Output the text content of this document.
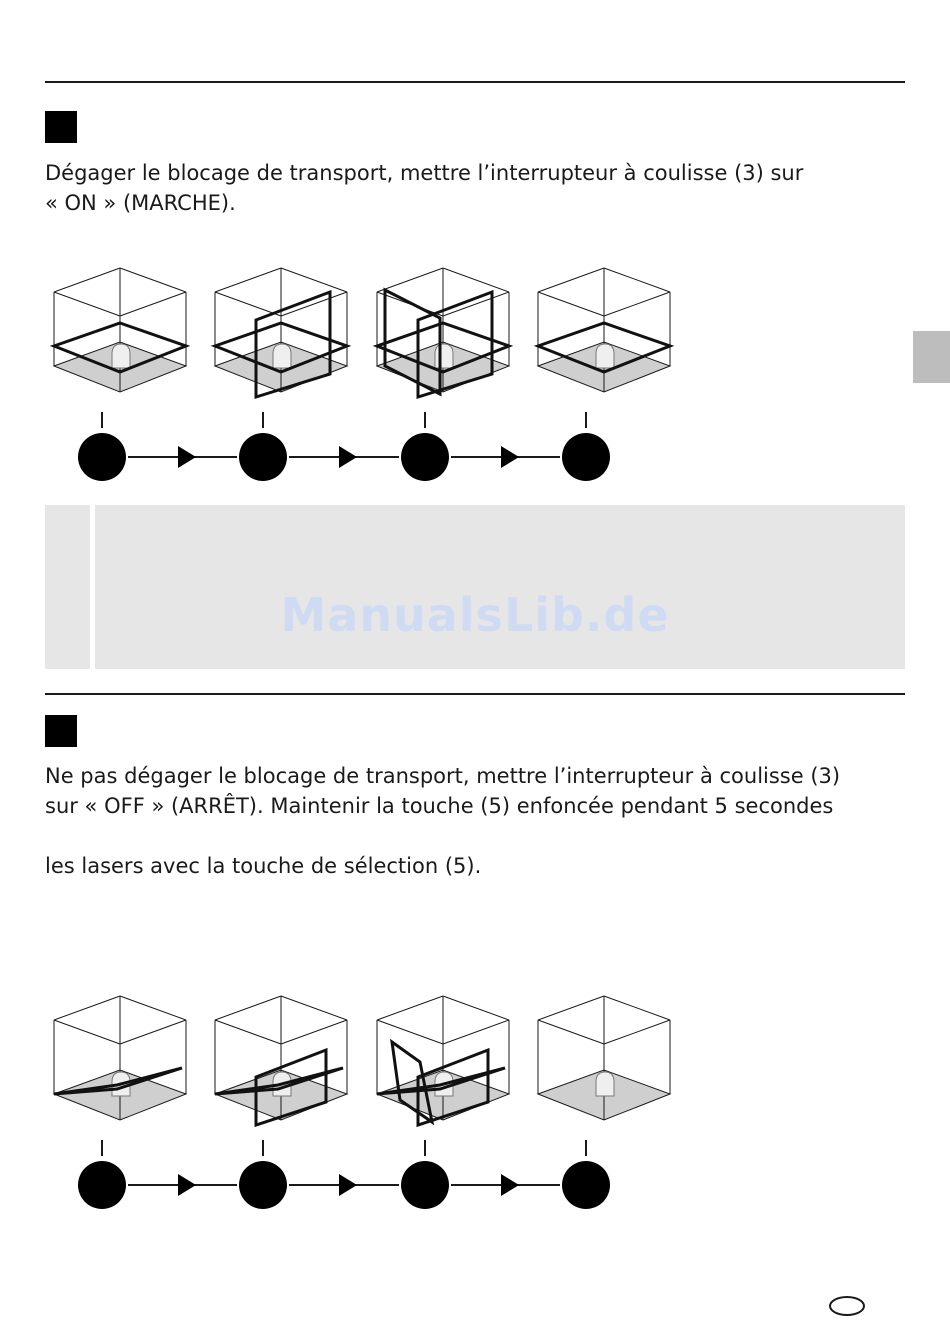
Dégager le blocage de transport, mettre l’interrupteur à coulisse (3) sur
« ON » (MARCHE).

ManualsLib.de

Ne pas dégager le blocage de transport, mettre l’interrupteur à coulisse (3)
sur « OFF » (ARRÊT). Maintenir la touche (5) enfoncée pendant 5 secondes

les lasers avec la touche de sélection (5).
